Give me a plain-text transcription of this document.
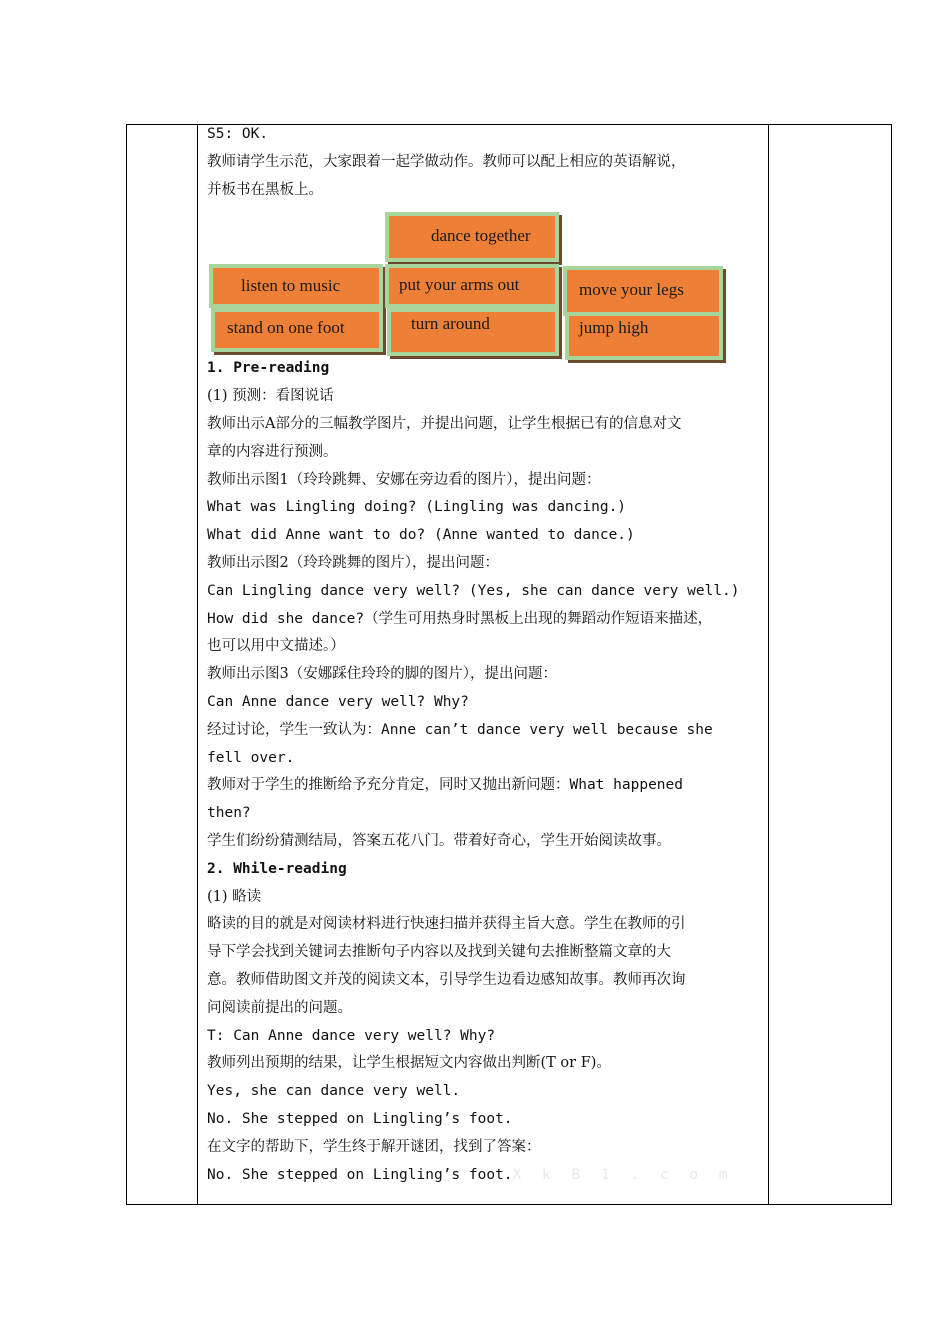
S5: OK.
教师请学生示范，大家跟着一起学做动作。教师可以配上相应的英语解说，
并板书在黑板上。
dance together
listen to music	put your arms out	move your legs
stand on one foot	turn around	jump high
1. Pre-reading
(1) 预测：看图说话
教师出示A部分的三幅教学图片，并提出问题，让学生根据已有的信息对文
章的内容进行预测。
教师出示图1（玲玲跳舞、安娜在旁边看的图片），提出问题：
What was Lingling doing? (Lingling was dancing.)
What did Anne want to do? (Anne wanted to dance.)
教师出示图2（玲玲跳舞的图片），提出问题：
Can Lingling dance very well? (Yes, she can dance very well.)
How did she dance?（学生可用热身时黑板上出现的舞蹈动作短语来描述，
也可以用中文描述。）
教师出示图3（安娜踩住玲玲的脚的图片），提出问题：
Can Anne dance very well? Why?
经过讨论，学生一致认为：Anne can’t dance very well because she
fell over.
教师对于学生的推断给予充分肯定，同时又抛出新问题：What happened
then?
学生们纷纷猜测结局，答案五花八门。带着好奇心，学生开始阅读故事。
2. While-reading
(1) 略读
略读的目的就是对阅读材料进行快速扫描并获得主旨大意。学生在教师的引
导下学会找到关键词去推断句子内容以及找到关键句去推断整篇文章的大
意。教师借助图文并茂的阅读文本，引导学生边看边感知故事。教师再次询
问阅读前提出的问题。
T: Can Anne dance very well? Why?
教师列出预期的结果，让学生根据短文内容做出判断(T or F)。
Yes, she can dance very well.
No. She stepped on Lingling’s foot.
在文字的帮助下，学生终于解开谜团，找到了答案：
No. She stepped on Lingling’s foot.X k B 1 . c o m
